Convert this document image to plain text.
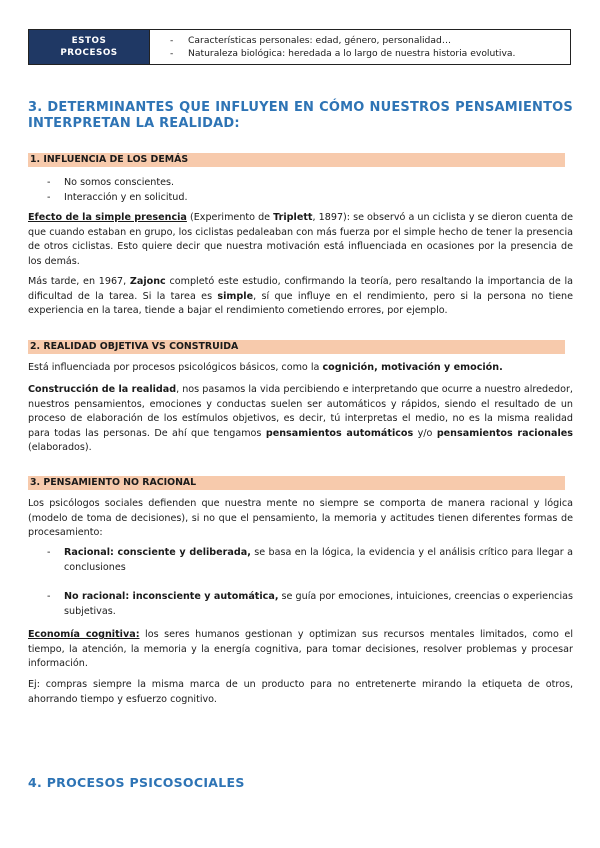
ESTOS
PROCESOS
- Características personales: edad, género, personalidad…
- Naturaleza biológica: heredada a lo largo de nuestra historia evolutiva.
3. DETERMINANTES QUE INFLUYEN EN CÓMO NUESTROS PENSAMIENTOS INTERPRETAN LA REALIDAD:
1. INFLUENCIA DE LOS DEMÁS
- No somos conscientes.
- Interacción y en solicitud.
Efecto de la simple presencia (Experimento de Triplett, 1897): se observó a un ciclista y se dieron cuenta de que cuando estaban en grupo, los ciclistas pedaleaban con más fuerza por el simple hecho de tener la presencia de otros ciclistas. Esto quiere decir que nuestra motivación está influenciada en ocasiones por la presencia de los demás.
Más tarde, en 1967, Zajonc completó este estudio, confirmando la teoría, pero resaltando la importancia de la dificultad de la tarea. Si la tarea es simple, sí que influye en el rendimiento, pero si la persona no tiene experiencia en la tarea, tiende a bajar el rendimiento cometiendo errores, por ejemplo.
2. REALIDAD OBJETIVA VS CONSTRUIDA
Está influenciada por procesos psicológicos básicos, como la cognición, motivación y emoción.
Construcción de la realidad, nos pasamos la vida percibiendo e interpretando que ocurre a nuestro alrededor, nuestros pensamientos, emociones y conductas suelen ser automáticos y rápidos, siendo el resultado de un proceso de elaboración de los estímulos objetivos, es decir, tú interpretas el medio, no es la misma realidad para todas las personas. De ahí que tengamos pensamientos automáticos y/o pensamientos racionales (elaborados).
3. PENSAMIENTO NO RACIONAL
Los psicólogos sociales defienden que nuestra mente no siempre se comporta de manera racional y lógica (modelo de toma de decisiones), si no que el pensamiento, la memoria y actitudes tienen diferentes formas de procesamiento:
- Racional: consciente y deliberada, se basa en la lógica, la evidencia y el análisis crítico para llegar a conclusiones
- No racional: inconsciente y automática, se guía por emociones, intuiciones, creencias o experiencias subjetivas.
Economía cognitiva: los seres humanos gestionan y optimizan sus recursos mentales limitados, como el tiempo, la atención, la memoria y la energía cognitiva, para tomar decisiones, resolver problemas y procesar información.
Ej: compras siempre la misma marca de un producto para no entretenerte mirando la etiqueta de otros, ahorrando tiempo y esfuerzo cognitivo.
4. PROCESOS PSICOSOCIALES
